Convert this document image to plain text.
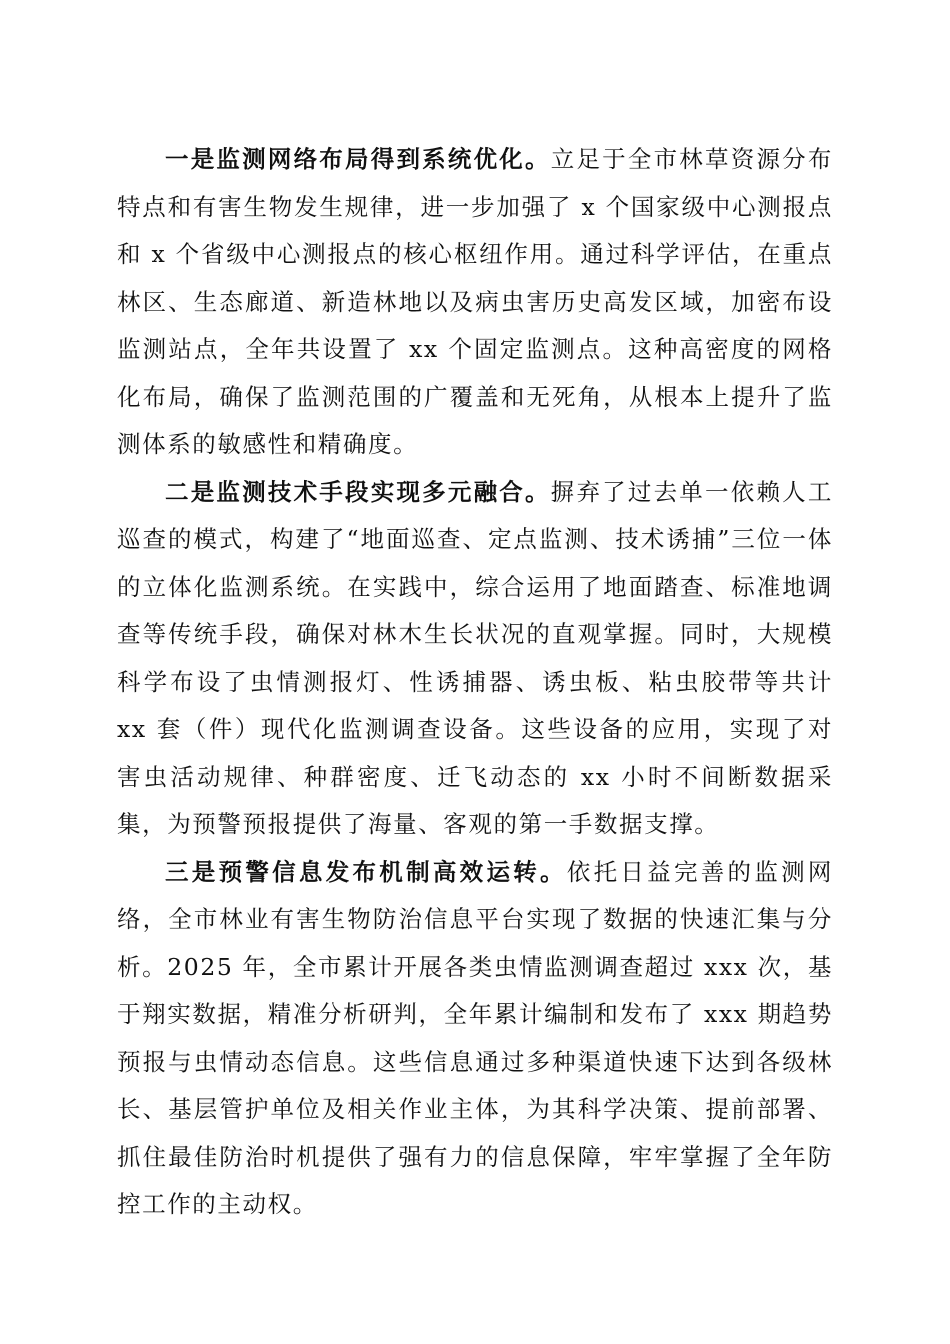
一是监测网络布局得到系统优化。立足于全市林草资源分布特点和有害生物发生规律，进一步加强了 x 个国家级中心测报点和 x 个省级中心测报点的核心枢纽作用。通过科学评估，在重点林区、生态廊道、新造林地以及病虫害历史高发区域，加密布设监测站点，全年共设置了 xx 个固定监测点。这种高密度的网格化布局，确保了监测范围的广覆盖和无死角，从根本上提升了监测体系的敏感性和精确度。

二是监测技术手段实现多元融合。摒弃了过去单一依赖人工巡查的模式，构建了“地面巡查、定点监测、技术诱捕”三位一体的立体化监测系统。在实践中，综合运用了地面踏查、标准地调查等传统手段，确保对林木生长状况的直观掌握。同时，大规模科学布设了虫情测报灯、性诱捕器、诱虫板、粘虫胶带等共计 xx 套（件）现代化监测调查设备。这些设备的应用，实现了对害虫活动规律、种群密度、迁飞动态的 xx 小时不间断数据采集，为预警预报提供了海量、客观的第一手数据支撑。

三是预警信息发布机制高效运转。依托日益完善的监测网络，全市林业有害生物防治信息平台实现了数据的快速汇集与分析。2025 年，全市累计开展各类虫情监测调查超过 xxx 次，基于翔实数据，精准分析研判，全年累计编制和发布了 xxx 期趋势预报与虫情动态信息。这些信息通过多种渠道快速下达到各级林长、基层管护单位及相关作业主体，为其科学决策、提前部署、抓住最佳防治时机提供了强有力的信息保障，牢牢掌握了全年防控工作的主动权。
